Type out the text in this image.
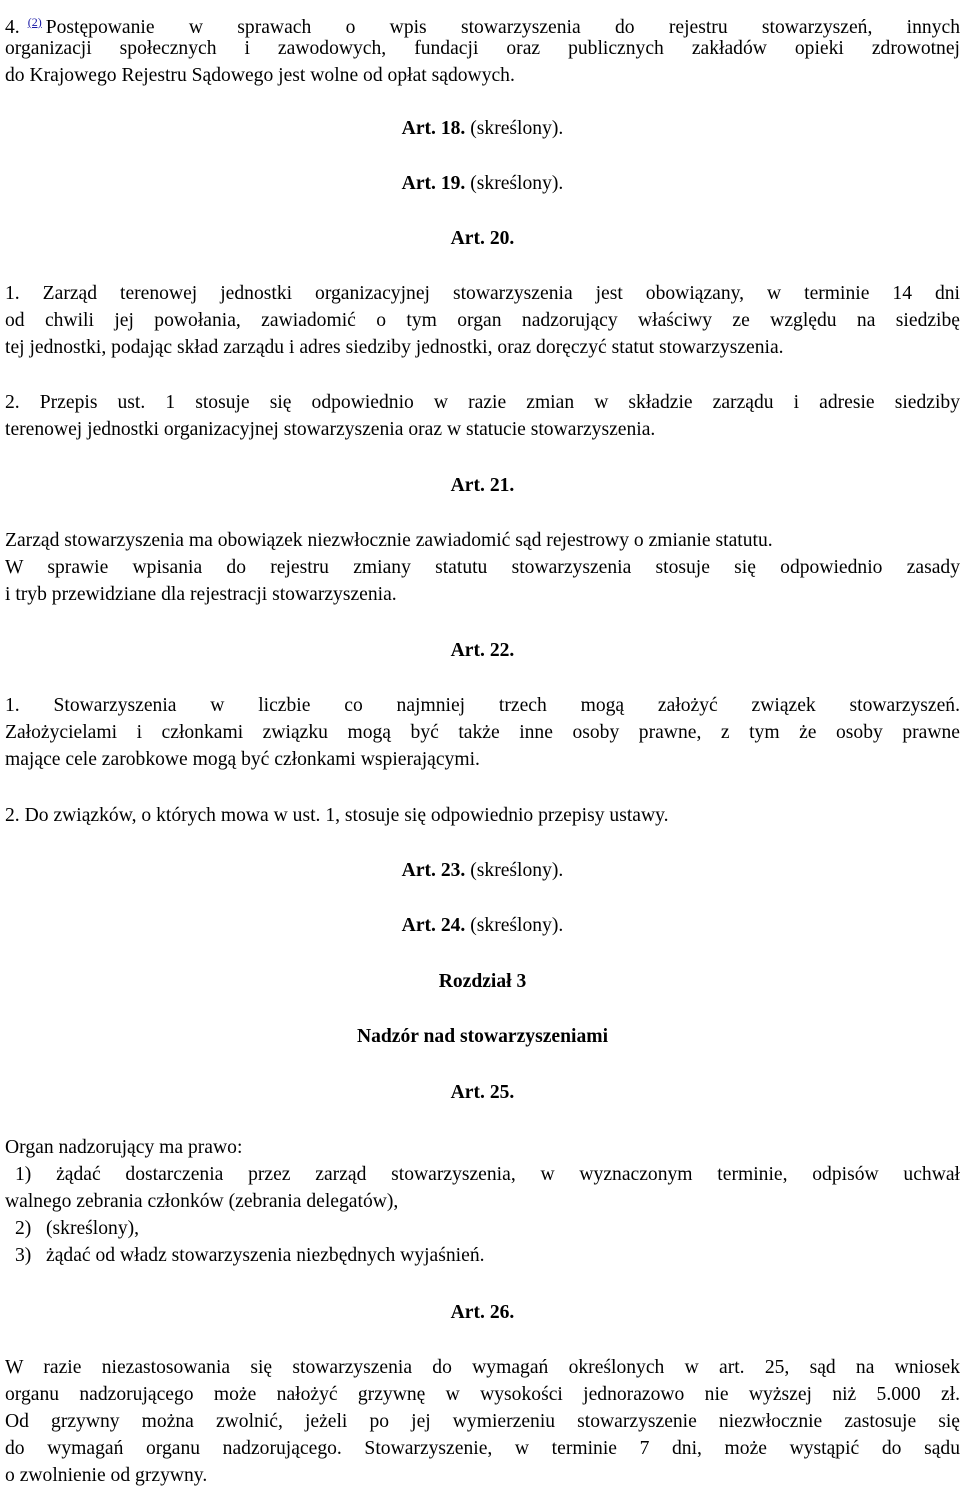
4. $^{(2)}$ Postępowanie w sprawach o wpis stowarzyszenia do rejestru stowarzyszeń, innych
organizacji społecznych i zawodowych, fundacji oraz publicznych zakładów opieki zdrowotnej
do Krajowego Rejestru Sądowego jest wolne od opłat sądowych.
Art. 18. (skreślony).
Art. 19. (skreślony).
Art. 20.
1. Zarząd terenowej jednostki organizacyjnej stowarzyszenia jest obowiązany, w terminie 14 dni
od chwili jej powołania, zawiadomić o tym organ nadzorujący właściwy ze względu na siedzibę
tej jednostki, podając skład zarządu i adres siedziby jednostki, oraz doręczyć statut stowarzyszenia.
2. Przepis ust. 1 stosuje się odpowiednio w razie zmian w składzie zarządu i adresie siedziby
terenowej jednostki organizacyjnej stowarzyszenia oraz w statucie stowarzyszenia.
Art. 21.
Zarząd stowarzyszenia ma obowiązek niezwłocznie zawiadomić sąd rejestrowy o zmianie statutu.
W sprawie wpisania do rejestru zmiany statutu stowarzyszenia stosuje się odpowiednio zasady
i tryb przewidziane dla rejestracji stowarzyszenia.
Art. 22.
1. Stowarzyszenia w liczbie co najmniej trzech mogą założyć związek stowarzyszeń.
Założycielami i członkami związku mogą być także inne osoby prawne, z tym że osoby prawne
mające cele zarobkowe mogą być członkami wspierającymi.
2. Do związków, o których mowa w ust. 1, stosuje się odpowiednio przepisy ustawy.
Art. 23. (skreślony).
Art. 24. (skreślony).
Rozdział 3
Nadzór nad stowarzyszeniami
Art. 25.
Organ nadzorujący ma prawo:
1) żądać dostarczenia przez zarząd stowarzyszenia, w wyznaczonym terminie, odpisów uchwał
walnego zebrania członków (zebrania delegatów),
2)   (skreślony),
3)   żądać od władz stowarzyszenia niezbędnych wyjaśnień.
Art. 26.
W razie niezastosowania się stowarzyszenia do wymagań określonych w art. 25, sąd na wniosek
organu nadzorującego może nałożyć grzywnę w wysokości jednorazowo nie wyższej niż 5.000 zł.
Od grzywny można zwolnić, jeżeli po jej wymierzeniu stowarzyszenie niezwłocznie zastosuje się
do wymagań organu nadzorującego. Stowarzyszenie, w terminie 7 dni, może wystąpić do sądu
o zwolnienie od grzywny.
